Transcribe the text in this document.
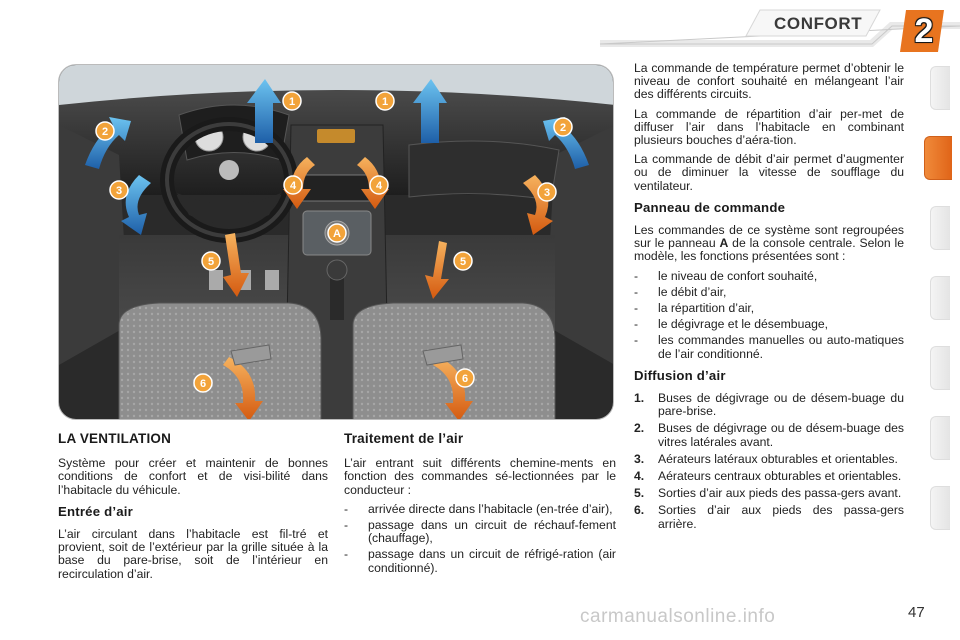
CONFORT	2
1	1
2	2
3	3
4	4
A
5	5
6	6
LA VENTILATION

Système pour créer et maintenir de bonnes conditions de confort et de visi-bilité dans l’habitacle du véhicule.

Entrée d’air

L’air circulant dans l’habitacle est fil-tré et provient, soit de l’extérieur par la grille située à la base du pare-brise, soit de l’intérieur en recirculation d’air.

Traitement de l’air

L’air entrant suit différents chemine-ments en fonction des commandes sé-lectionnées par le conducteur :

- arrivée directe dans l’habitacle (en-trée d’air),
- passage dans un circuit de réchauf-fement (chauffage),
- passage dans un circuit de réfrigé-ration (air conditionné).

La commande de température permet d’obtenir le niveau de confort souhaité en mélangeant l’air des différents circuits.

La commande de répartition d’air per-met de diffuser l’air dans l’habitacle en combinant plusieurs bouches d’aéra-tion.

La commande de débit d’air permet d’augmenter ou de diminuer la vitesse de soufflage du ventilateur.

Panneau de commande

Les commandes de ce système sont regroupées sur le panneau A de la console centrale. Selon le modèle, les fonctions présentées sont :

- le niveau de confort souhaité,
- le débit d’air,
- la répartition d’air,
- le dégivrage et le désembuage,
- les commandes manuelles ou auto-matiques de l’air conditionné.
Diffusion d’air
1. Buses de dégivrage ou de désem-buage du pare-brise.
2. Buses de dégivrage ou de désem-buage des vitres latérales avant.
3. Aérateurs latéraux obturables et orientables.
4. Aérateurs centraux obturables et orientables.
5. Sorties d’air aux pieds des passa-gers avant.
6. Sorties d’air aux pieds des passa-gers arrière.
carmanualsonline.info	47
